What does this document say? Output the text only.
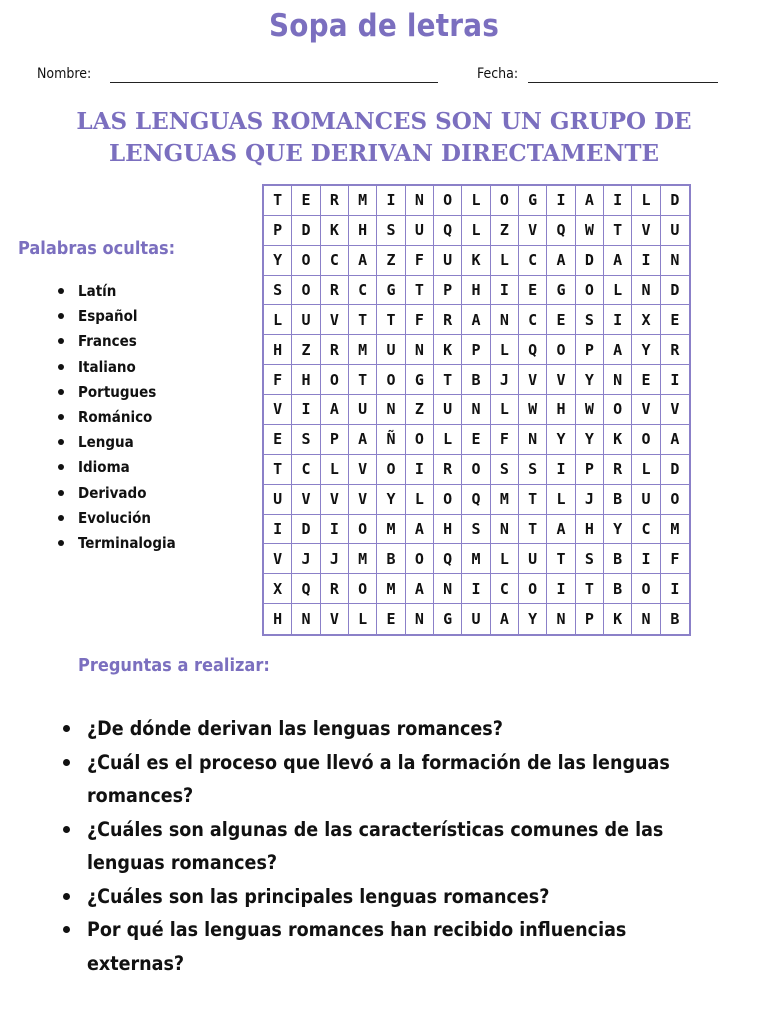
Sopa de letras
Nombre:	Fecha:
LAS LENGUAS ROMANCES SON UN GRUPO DE
LENGUAS QUE DERIVAN DIRECTAMENTE
Palabras ocultas:
Latín
Español
Frances
Italiano
Portugues
Románico
Lengua
Idioma
Derivado
Evolución
Terminalogia
T	E	R	M	I	N	O	L	O	G	I	A	I	L	D
P	D	K	H	S	U	Q	L	Z	V	Q	W	T	V	U
Y	O	C	A	Z	F	U	K	L	C	A	D	A	I	N
S	O	R	C	G	T	P	H	I	E	G	O	L	N	D
L	U	V	T	T	F	R	A	N	C	E	S	I	X	E
H	Z	R	M	U	N	K	P	L	Q	O	P	A	Y	R
F	H	O	T	O	G	T	B	J	V	V	Y	N	E	I
V	I	A	U	N	Z	U	N	L	W	H	W	O	V	V
E	S	P	A	Ñ	O	L	E	F	N	Y	Y	K	O	A
T	C	L	V	O	I	R	O	S	S	I	P	R	L	D
U	V	V	V	Y	L	O	Q	M	T	L	J	B	U	O
I	D	I	O	M	A	H	S	N	T	A	H	Y	C	M
V	J	J	M	B	O	Q	M	L	U	T	S	B	I	F
X	Q	R	O	M	A	N	I	C	O	I	T	B	O	I
H	N	V	L	E	N	G	U	A	Y	N	P	K	N	B
Preguntas a realizar:
¿De dónde derivan las lenguas romances?
¿Cuál es el proceso que llevó a la formación de las lenguas romances?
¿Cuáles son algunas de las características comunes de las lenguas romances?
¿Cuáles son las principales lenguas romances?
Por qué las lenguas romances han recibido influencias externas?
